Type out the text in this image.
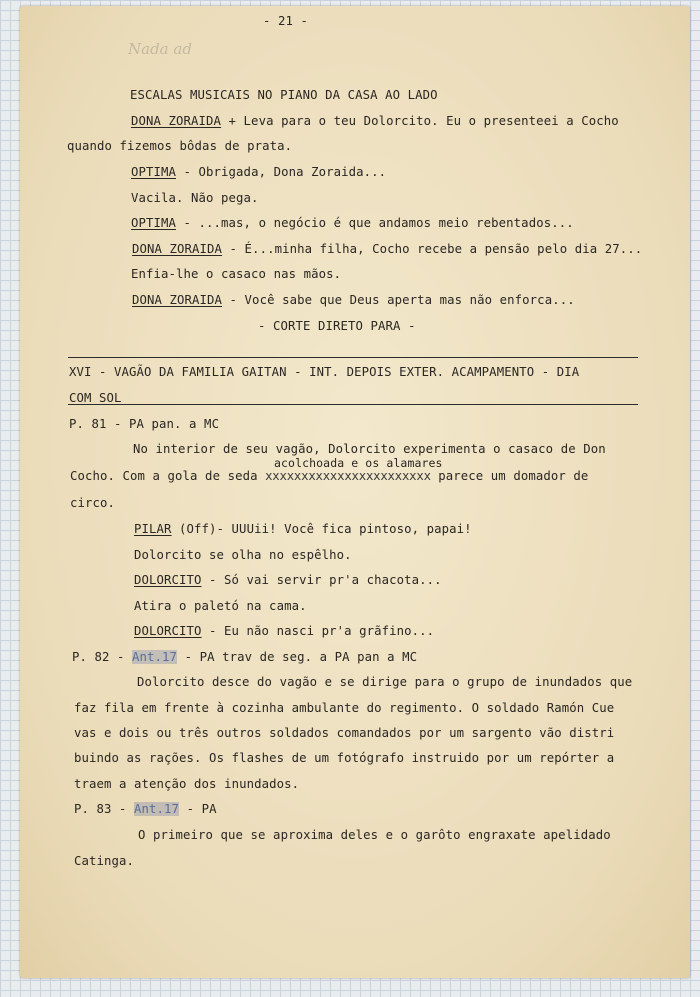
- 21 -
Nada ad
ESCALAS MUSICAIS NO PIANO DA CASA AO LADO
DONA ZORAIDA + Leva para o teu Dolorcito. Eu o presenteei a Cocho
quando fizemos bôdas de prata.
OPTIMA - Obrigada, Dona Zoraida...
Vacila. Não pega.
OPTIMA - ...mas, o negócio é que andamos meio rebentados...
DONA ZORAIDA - É...minha filha, Cocho recebe a pensão pelo dia 27...
Enfia-lhe o casaco nas mãos.
DONA ZORAIDA - Você sabe que Deus aperta mas não enforca...
- CORTE DIRETO PARA -
XVI - VAGÃO DA FAMILIA GAITAN - INT. DEPOIS EXTER. ACAMPAMENTO - DIA
COM SOL
P. 81 - PA pan. a MC
No interior de seu vagão, Dolorcito experimenta o casaco de Don
acolchoada e os alamares
Cocho. Com a gola de seda xxxxxxxxxxxxxxxxxxxxxxx parece um domador de
circo.
PILAR (Off)- UUUii! Você fica pintoso, papai!
Dolorcito se olha no espêlho.
DOLORCITO - Só vai servir pr'a chacota...
Atira o paletó na cama.
DOLORCITO - Eu não nasci pr'a grãfino...
P. 82 - Ant.17 - PA trav de seg. a PA pan a MC
Dolorcito desce do vagão e se dirige para o grupo de inundados que
faz fila em frente à cozinha ambulante do regimento. O soldado Ramón Cue
vas e dois ou três outros soldados comandados por um sargento vão distri
buindo as rações. Os flashes de um fotógrafo instruido por um repórter a
traem a atenção dos inundados.
P. 83 - Ant.17 - PA
O primeiro que se aproxima deles e o garôto engraxate apelidado
Catinga.
